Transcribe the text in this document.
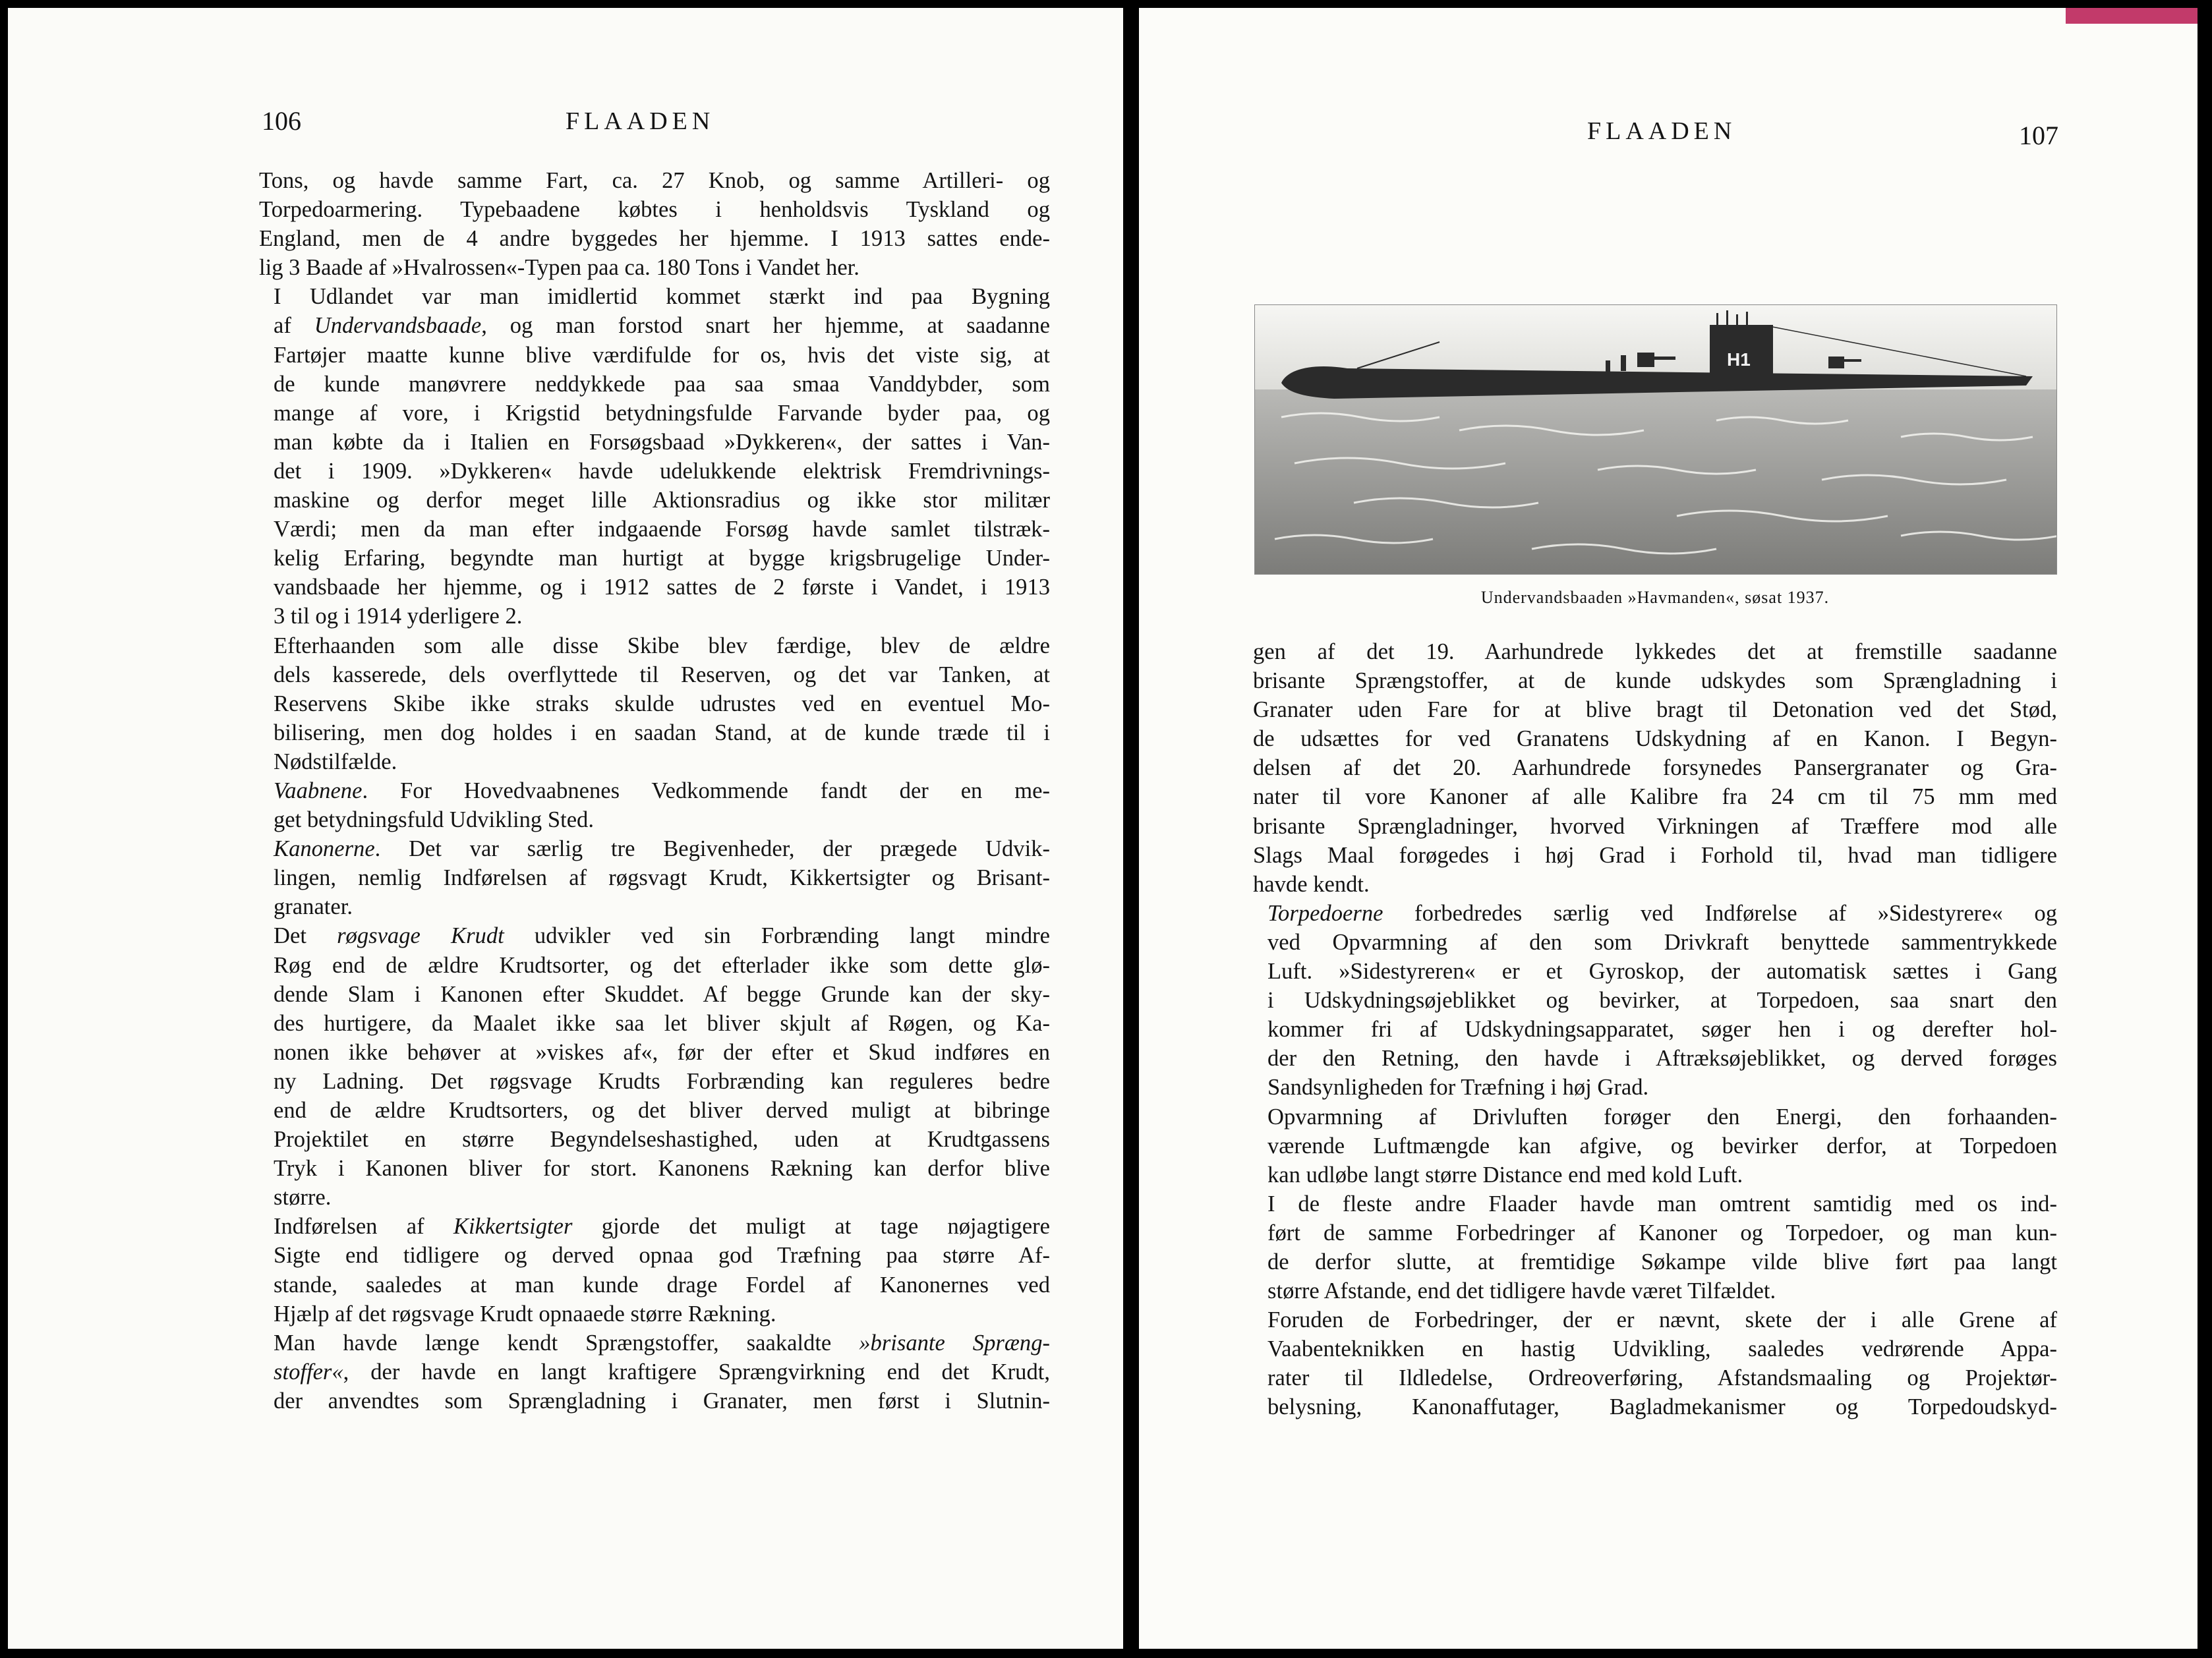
106	FLAADEN

Tons, og havde samme Fart, ca. 27 Knob, og samme Artilleri- og
Torpedoarmering. Typebaadene købtes i henholdsvis Tyskland og
England, men de 4 andre byggedes her hjemme. I 1913 sattes ende-
lig 3 Baade af »Hvalrossen«-Typen paa ca. 180 Tons i Vandet her.

I Udlandet var man imidlertid kommet stærkt ind paa Bygning
af Undervandsbaade, og man forstod snart her hjemme, at saadanne
Fartøjer maatte kunne blive værdifulde for os, hvis det viste sig, at
de kunde manøvrere neddykkede paa saa smaa Vanddybder, som
mange af vore, i Krigstid betydningsfulde Farvande byder paa, og
man købte da i Italien en Forsøgsbaad »Dykkeren«, der sattes i Van-
det i 1909. »Dykkeren« havde udelukkende elektrisk Fremdrivnings-
maskine og derfor meget lille Aktionsradius og ikke stor militær
Værdi; men da man efter indgaaende Forsøg havde samlet tilstræk-
kelig Erfaring, begyndte man hurtigt at bygge krigsbrugelige Under-
vandsbaade her hjemme, og i 1912 sattes de 2 første i Vandet, i 1913
3 til og i 1914 yderligere 2.

Efterhaanden som alle disse Skibe blev færdige, blev de ældre
dels kasserede, dels overflyttede til Reserven, og det var Tanken, at
Reservens Skibe ikke straks skulde udrustes ved en eventuel Mo-
bilisering, men dog holdes i en saadan Stand, at de kunde træde til i
Nødstilfælde.

Vaabnene. For Hovedvaabnenes Vedkommende fandt der en me-
get betydningsfuld Udvikling Sted.

Kanonerne. Det var særlig tre Begivenheder, der prægede Udvik-
lingen, nemlig Indførelsen af røgsvagt Krudt, Kikkertsigter og Brisant-
granater.

Det røgsvage Krudt udvikler ved sin Forbrænding langt mindre
Røg end de ældre Krudtsorter, og det efterlader ikke som dette glø-
dende Slam i Kanonen efter Skuddet. Af begge Grunde kan der sky-
des hurtigere, da Maalet ikke saa let bliver skjult af Røgen, og Ka-
nonen ikke behøver at »viskes af«, før der efter et Skud indføres en
ny Ladning. Det røgsvage Krudts Forbrænding kan reguleres bedre
end de ældre Krudtsorters, og det bliver derved muligt at bibringe
Projektilet en større Begyndelseshastighed, uden at Krudtgassens
Tryk i Kanonen bliver for stort. Kanonens Rækning kan derfor blive
større.

Indførelsen af Kikkertsigter gjorde det muligt at tage nøjagtigere
Sigte end tidligere og derved opnaa god Træfning paa større Af-
stande, saaledes at man kunde drage Fordel af Kanonernes ved
Hjælp af det røgsvage Krudt opnaaede større Rækning.

Man havde længe kendt Sprængstoffer, saakaldte »brisante Spræng-
stoffer«, der havde en langt kraftigere Sprængvirkning end det Krudt,
der anvendtes som Sprængladning i Granater, men først i Slutnin-

FLAADEN	107
H1
Undervandsbaaden »Havmanden«, søsat 1937.

gen af det 19. Aarhundrede lykkedes det at fremstille saadanne
brisante Sprængstoffer, at de kunde udskydes som Sprængladning i
Granater uden Fare for at blive bragt til Detonation ved det Stød,
de udsættes for ved Granatens Udskydning af en Kanon. I Begyn-
delsen af det 20. Aarhundrede forsynedes Pansergranater og Gra-
nater til vore Kanoner af alle Kalibre fra 24 cm til 75 mm med
brisante Sprængladninger, hvorved Virkningen af Træffere mod alle
Slags Maal forøgedes i høj Grad i Forhold til, hvad man tidligere
havde kendt.

Torpedoerne forbedredes særlig ved Indførelse af »Sidestyrere« og
ved Opvarmning af den som Drivkraft benyttede sammentrykkede
Luft. »Sidestyreren« er et Gyroskop, der automatisk sættes i Gang
i Udskydningsøjeblikket og bevirker, at Torpedoen, saa snart den
kommer fri af Udskydningsapparatet, søger hen i og derefter hol-
der den Retning, den havde i Aftræksøjeblikket, og derved forøges
Sandsynligheden for Træfning i høj Grad.

Opvarmning af Drivluften forøger den Energi, den forhaanden-
værende Luftmængde kan afgive, og bevirker derfor, at Torpedoen
kan udløbe langt større Distance end med kold Luft.

I de fleste andre Flaader havde man omtrent samtidig med os ind-
ført de samme Forbedringer af Kanoner og Torpedoer, og man kun-
de derfor slutte, at fremtidige Søkampe vilde blive ført paa langt
større Afstande, end det tidligere havde været Tilfældet.

Foruden de Forbedringer, der er nævnt, skete der i alle Grene af
Vaabenteknikken en hastig Udvikling, saaledes vedrørende Appa-
rater til Ildledelse, Ordreoverføring, Afstandsmaaling og Projektør-
belysning, Kanonaffutager, Bagladmekanismer og Torpedoudskyd-
